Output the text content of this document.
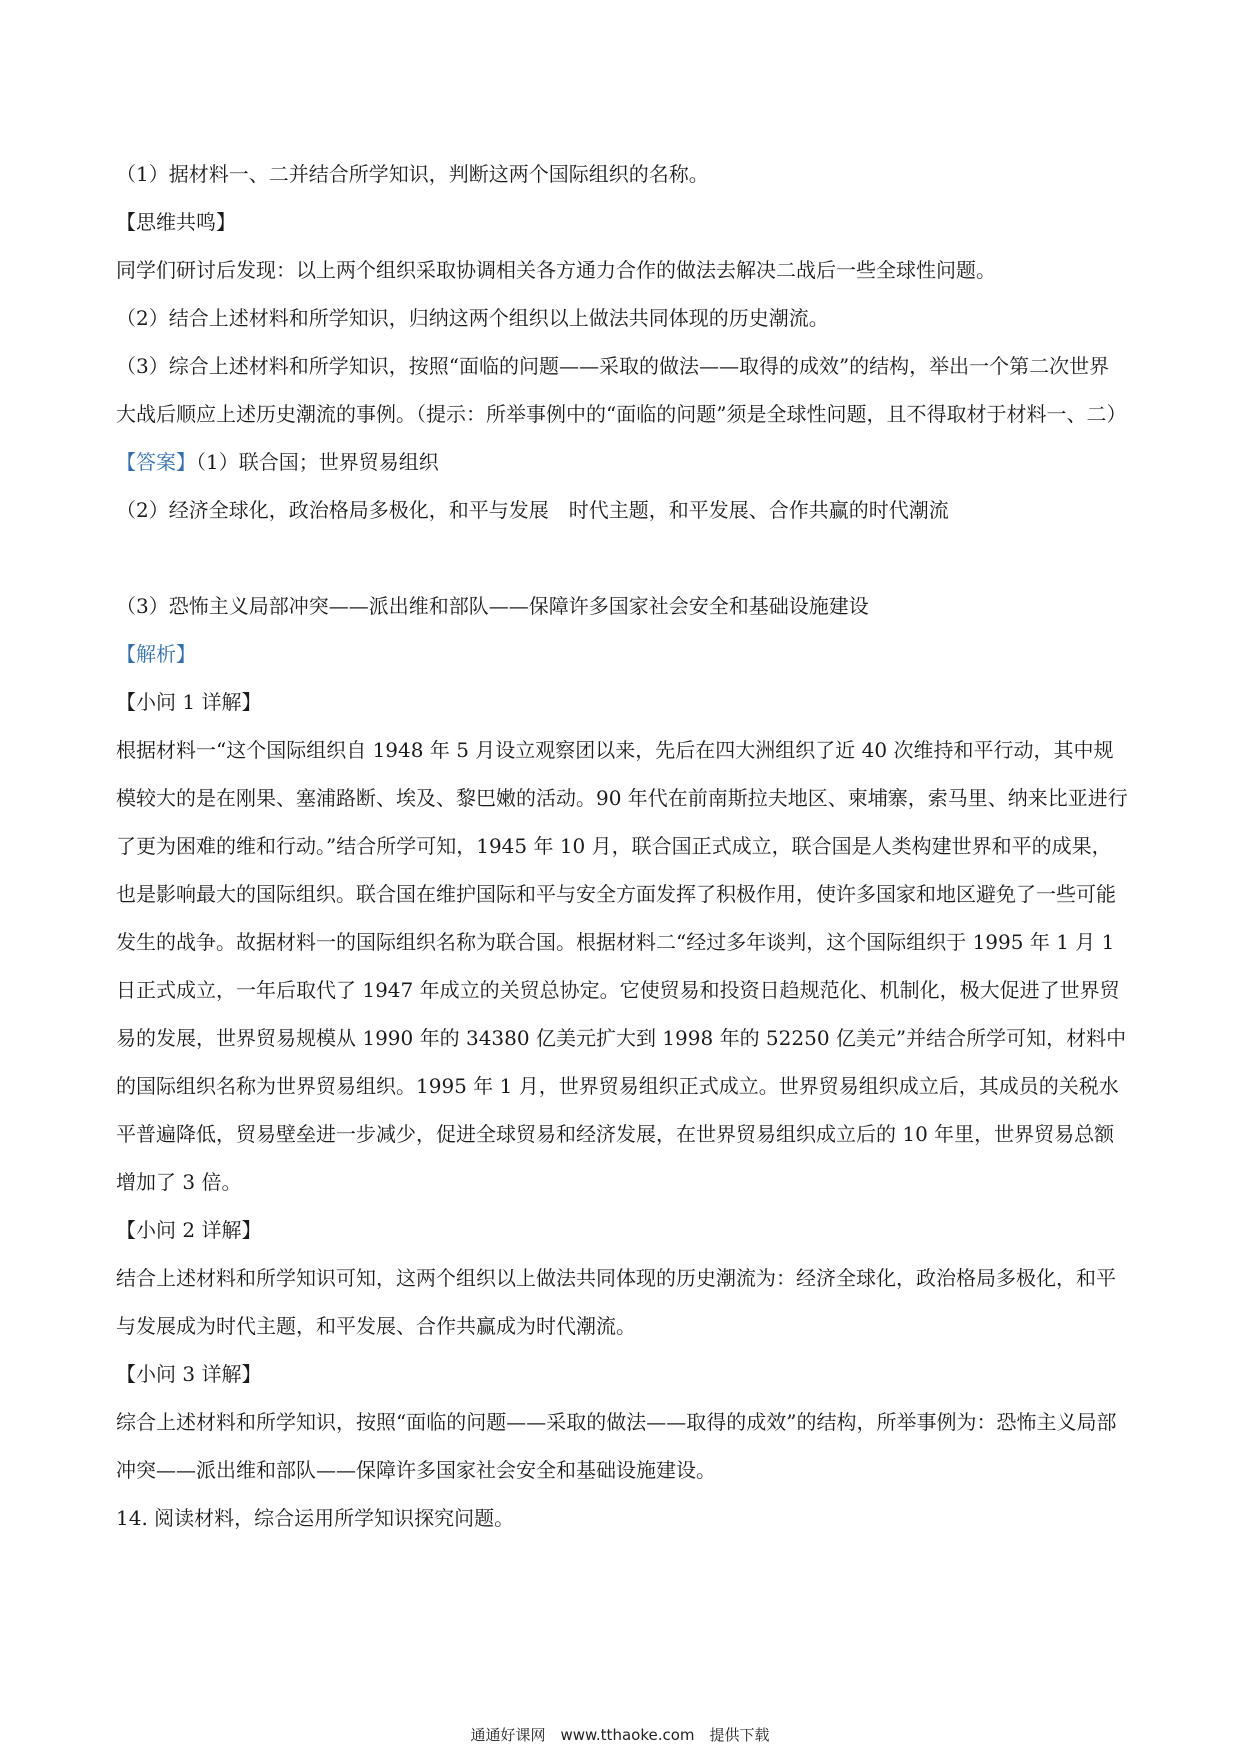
（1）据材料一、二并结合所学知识，判断这两个国际组织的名称。

【思维共鸣】

同学们研讨后发现：以上两个组织采取协调相关各方通力合作的做法去解决二战后一些全球性问题。

（2）结合上述材料和所学知识，归纳这两个组织以上做法共同体现的历史潮流。

（3）综合上述材料和所学知识，按照“面临的问题——采取的做法——取得的成效”的结构，举出一个第二次世界大战后顺应上述历史潮流的事例。（提示：所举事例中的“面临的问题”须是全球性问题，且不得取材于材料一、二）

【答案】（1）联合国；世界贸易组织

（2）经济全球化，政治格局多极化，和平与发展　时代主题，和平发展、合作共赢的时代潮流

（3）恐怖主义局部冲突——派出维和部队——保障许多国家社会安全和基础设施建设

【解析】

【小问 1 详解】

根据材料一“这个国际组织自 1948 年 5 月设立观察团以来，先后在四大洲组织了近 40 次维持和平行动，其中规模较大的是在刚果、塞浦路断、埃及、黎巴嫩的活动。90 年代在前南斯拉夫地区、柬埔寨，索马里、纳来比亚进行了更为困难的维和行动。”结合所学可知，1945 年 10 月，联合国正式成立，联合国是人类构建世界和平的成果，也是影响最大的国际组织。联合国在维护国际和平与安全方面发挥了积极作用，使许多国家和地区避免了一些可能发生的战争。故据材料一的国际组织名称为联合国。根据材料二“经过多年谈判，这个国际组织于 1995 年 1 月 1 日正式成立，一年后取代了 1947 年成立的关贸总协定。它使贸易和投资日趋规范化、机制化，极大促进了世界贸易的发展，世界贸易规模从 1990 年的 34380 亿美元扩大到 1998 年的 52250 亿美元”并结合所学可知，材料中的国际组织名称为世界贸易组织。1995 年 1 月，世界贸易组织正式成立。世界贸易组织成立后，其成员的关税水平普遍降低，贸易壁垒进一步减少，促进全球贸易和经济发展，在世界贸易组织成立后的 10 年里，世界贸易总额增加了 3 倍。

【小问 2 详解】

结合上述材料和所学知识可知，这两个组织以上做法共同体现的历史潮流为：经济全球化，政治格局多极化，和平与发展成为时代主题，和平发展、合作共赢成为时代潮流。

【小问 3 详解】

综合上述材料和所学知识，按照“面临的问题——采取的做法——取得的成效”的结构，所举事例为：恐怖主义局部冲突——派出维和部队——保障许多国家社会安全和基础设施建设。

14. 阅读材料，综合运用所学知识探究问题。

通通好课网　www.tthaoke.com　提供下载
